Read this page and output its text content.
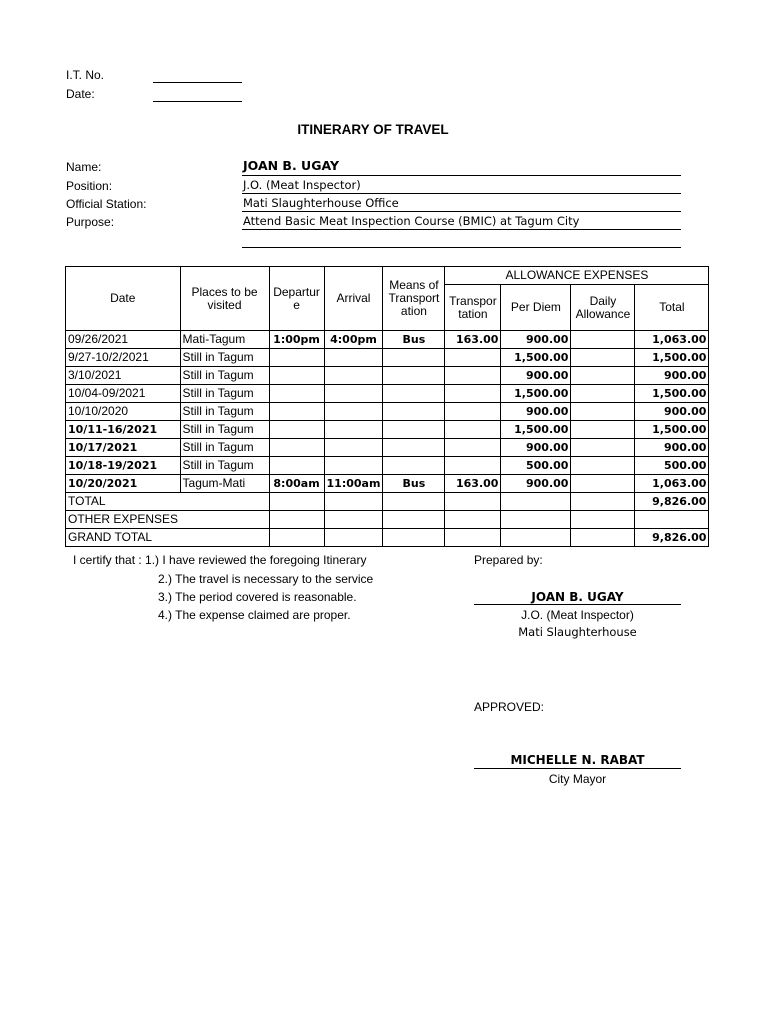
I.T. No.
Date:
ITINERARY OF TRAVEL
Name:	JOAN B. UGAY
Position:	J.O. (Meat Inspector)
Official Station:	Mati Slaughterhouse Office
Purpose:	Attend Basic Meat Inspection Course (BMIC) at Tagum City
Date	Places to be visited	Departur e	Arrival	Means of Transport ation	ALLOWANCE EXPENSES			
					Transpor tation	Per Diem	Daily Allowance	Total
09/26/2021	Mati-Tagum	1:00pm	4:00pm	Bus	163.00	900.00		1,063.00
9/27-10/2/2021	Still in Tagum					1,500.00		1,500.00
3/10/2021	Still in Tagum					900.00		900.00
10/04-09/2021	Still in Tagum					1,500.00		1,500.00
10/10/2020	Still in Tagum					900.00		900.00
10/11-16/2021	Still in Tagum					1,500.00		1,500.00
10/17/2021	Still in Tagum					900.00		900.00
10/18-19/2021	Still in Tagum					500.00		500.00
10/20/2021	Tagum-Mati	8:00am	11:00am	Bus	163.00	900.00		1,063.00
TOTAL								9,826.00
OTHER EXPENSES								
GRAND TOTAL								9,826.00
I certify that : 1.) I have reviewed the foregoing Itinerary
2.) The travel is necessary to the service
3.) The period covered is reasonable.
4.) The expense claimed are proper.
Prepared by:
JOAN B. UGAY
J.O. (Meat Inspector)
Mati Slaughterhouse
APPROVED:
MICHELLE N. RABAT
City Mayor
